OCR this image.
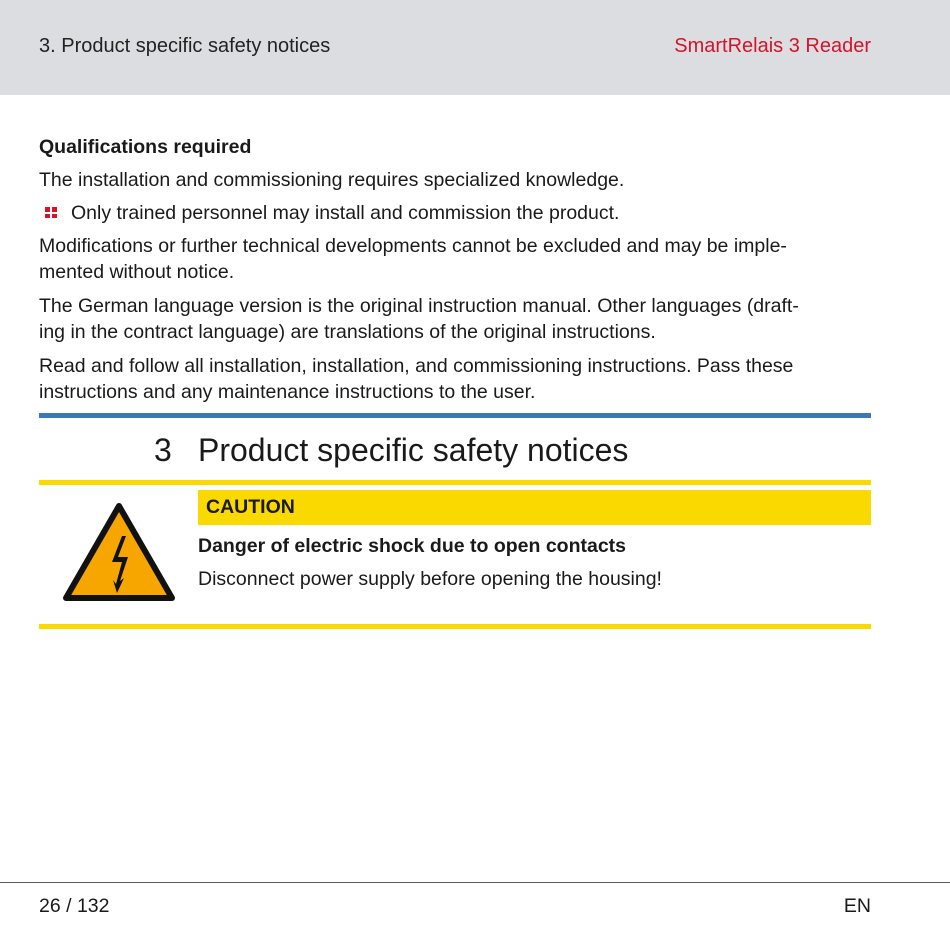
3. Product specific safety notices	SmartRelais 3 Reader
Qualifications required
The installation and commissioning requires specialized knowledge.
Only trained personnel may install and commission the product.
Modifications or further technical developments cannot be excluded and may be imple-
mented without notice.
The German language version is the original instruction manual. Other languages (draft-
ing in the contract language) are translations of the original instructions.
Read and follow all installation, installation, and commissioning instructions. Pass these
instructions and any maintenance instructions to the user.
3 Product specific safety notices
CAUTION
Danger of electric shock due to open contacts
Disconnect power supply before opening the housing!
26 / 132	EN
